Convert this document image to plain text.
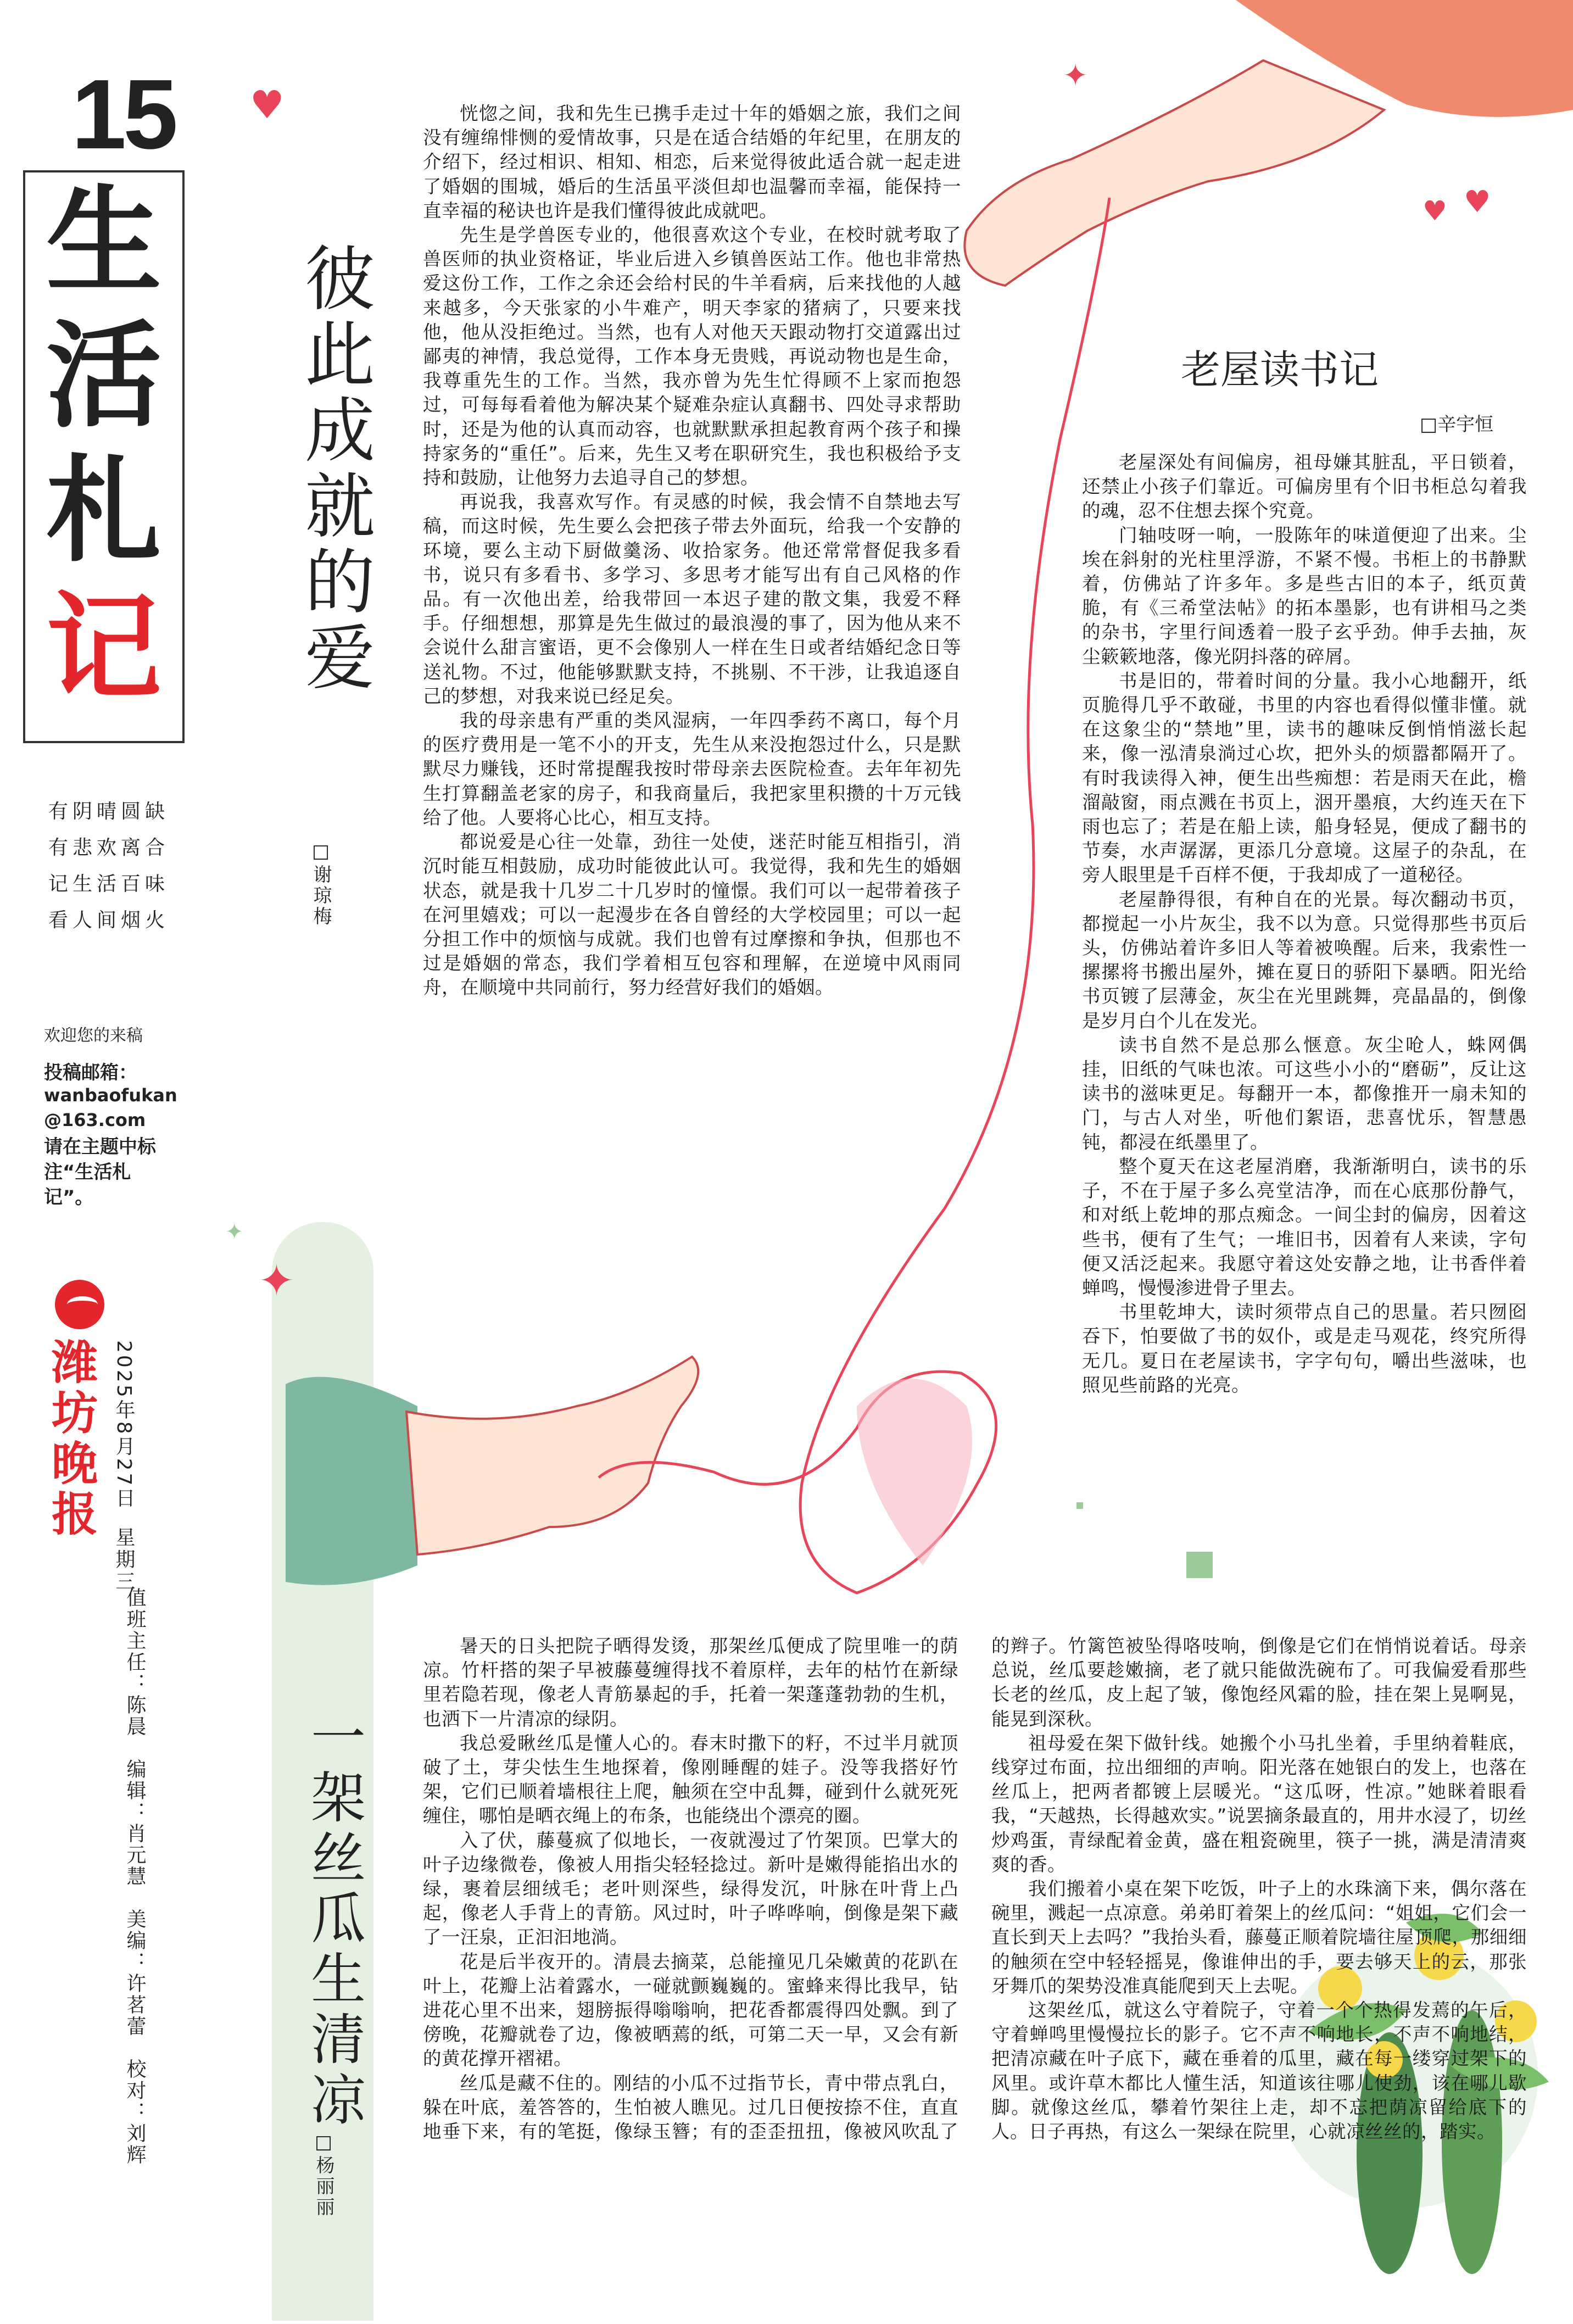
♥
♥
♥
✦
✦
✦
15
生
活
札
记
有阴晴圆缺
有悲欢离合
记生活百味
看人间烟火
欢迎您的来稿
投稿邮箱：
wanbaofukan
@163.com
请在主题中标注“生活札记”。
潍坊晚报
2025年8月27日
星期三
值班主任：陈晨　编辑：肖元慧　美编：许茗蕾　校对：刘辉
彼此成就的爱
□ 谢琼梅

恍惚之间，我和先生已携手走过十年的婚姻之旅，我们之间没有缠绵悱恻的爱情故事，只是在适合结婚的年纪里，在朋友的介绍下，经过相识、相知、相恋，后来觉得彼此适合就一起走进了婚姻的围城，婚后的生活虽平淡但却也温馨而幸福，能保持一直幸福的秘诀也许是我们懂得彼此成就吧。

先生是学兽医专业的，他很喜欢这个专业，在校时就考取了兽医师的执业资格证，毕业后进入乡镇兽医站工作。他也非常热爱这份工作，工作之余还会给村民的牛羊看病，后来找他的人越来越多，今天张家的小牛难产，明天李家的猪病了，只要来找他，他从没拒绝过。当然，也有人对他天天跟动物打交道露出过鄙夷的神情，我总觉得，工作本身无贵贱，再说动物也是生命，我尊重先生的工作。当然，我亦曾为先生忙得顾不上家而抱怨过，可每每看着他为解决某个疑难杂症认真翻书、四处寻求帮助时，还是为他的认真而动容，也就默默承担起教育两个孩子和操持家务的“重任”。后来，先生又考在职研究生，我也积极给予支持和鼓励，让他努力去追寻自己的梦想。

再说我，我喜欢写作。有灵感的时候，我会情不自禁地去写稿，而这时候，先生要么会把孩子带去外面玩，给我一个安静的环境，要么主动下厨做羹汤、收拾家务。他还常常督促我多看书，说只有多看书、多学习、多思考才能写出有自己风格的作品。有一次他出差，给我带回一本迟子建的散文集，我爱不释手。仔细想想，那算是先生做过的最浪漫的事了，因为他从来不会说什么甜言蜜语，更不会像别人一样在生日或者结婚纪念日等送礼物。不过，他能够默默支持，不挑剔、不干涉，让我追逐自己的梦想，对我来说已经足矣。

我的母亲患有严重的类风湿病，一年四季药不离口，每个月的医疗费用是一笔不小的开支，先生从来没抱怨过什么，只是默默尽力赚钱，还时常提醒我按时带母亲去医院检查。去年年初先生打算翻盖老家的房子，和我商量后，我把家里积攒的十万元钱给了他。人要将心比心，相互支持。

都说爱是心往一处靠，劲往一处使，迷茫时能互相指引，消沉时能互相鼓励，成功时能彼此认可。我觉得，我和先生的婚姻状态，就是我十几岁二十几岁时的憧憬。我们可以一起带着孩子在河里嬉戏；可以一起漫步在各自曾经的大学校园里；可以一起分担工作中的烦恼与成就。我们也曾有过摩擦和争执，但那也不过是婚姻的常态，我们学着相互包容和理解，在逆境中风雨同舟，在顺境中共同前行，努力经营好我们的婚姻。

老屋读书记
□ 辛宇恒

老屋深处有间偏房，祖母嫌其脏乱，平日锁着，还禁止小孩子们靠近。可偏房里有个旧书柜总勾着我的魂，忍不住想去探个究竟。

门轴吱呀一响，一股陈年的味道便迎了出来。尘埃在斜射的光柱里浮游，不紧不慢。书柜上的书静默着，仿佛站了许多年。多是些古旧的本子，纸页黄脆，有《三希堂法帖》的拓本墨影，也有讲相马之类的杂书，字里行间透着一股子玄乎劲。伸手去抽，灰尘簌簌地落，像光阴抖落的碎屑。

书是旧的，带着时间的分量。我小心地翻开，纸页脆得几乎不敢碰，书里的内容也看得似懂非懂。就在这象尘的“禁地”里，读书的趣味反倒悄悄滋长起来，像一泓清泉淌过心坎，把外头的烦嚣都隔开了。有时我读得入神，便生出些痴想：若是雨天在此，檐溜敲窗，雨点溅在书页上，洇开墨痕，大约连天在下雨也忘了；若是在船上读，船身轻晃，便成了翻书的节奏，水声潺潺，更添几分意境。这屋子的杂乱，在旁人眼里是千百样不便，于我却成了一道秘径。

老屋静得很，有种自在的光景。每次翻动书页，都搅起一小片灰尘，我不以为意。只觉得那些书页后头，仿佛站着许多旧人等着被唤醒。后来，我索性一摞摞将书搬出屋外，摊在夏日的骄阳下暴晒。阳光给书页镀了层薄金，灰尘在光里跳舞，亮晶晶的，倒像是岁月白个儿在发光。

读书自然不是总那么惬意。灰尘呛人，蛛网偶挂，旧纸的气味也浓。可这些小小的“磨砺”，反让这读书的滋味更足。每翻开一本，都像推开一扇未知的门，与古人对坐，听他们絮语，悲喜忧乐，智慧愚钝，都浸在纸墨里了。

整个夏天在这老屋消磨，我渐渐明白，读书的乐子，不在于屋子多么亮堂洁净，而在心底那份静气，和对纸上乾坤的那点痴念。一间尘封的偏房，因着这些书，便有了生气；一堆旧书，因着有人来读，字句便又活泛起来。我愿守着这处安静之地，让书香伴着蝉鸣，慢慢渗进骨子里去。

书里乾坤大，读时须带点自己的思量。若只囫囵吞下，怕要做了书的奴仆，或是走马观花，终究所得无几。夏日在老屋读书，字字句句，嚼出些滋味，也照见些前路的光亮。

一架丝瓜生清凉
□ 杨丽丽

暑天的日头把院子晒得发烫，那架丝瓜便成了院里唯一的荫凉。竹杆搭的架子早被藤蔓缠得找不着原样，去年的枯竹在新绿里若隐若现，像老人青筋暴起的手，托着一架蓬蓬勃勃的生机，也洒下一片清凉的绿阴。

我总爱瞅丝瓜是懂人心的。春末时撒下的籽，不过半月就顶破了土，芽尖怯生生地探着，像刚睡醒的娃子。没等我搭好竹架，它们已顺着墙根往上爬，触须在空中乱舞，碰到什么就死死缠住，哪怕是晒衣绳上的布条，也能绕出个漂亮的圈。

入了伏，藤蔓疯了似地长，一夜就漫过了竹架顶。巴掌大的叶子边缘微卷，像被人用指尖轻轻捻过。新叶是嫩得能掐出水的绿，裹着层细绒毛；老叶则深些，绿得发沉，叶脉在叶背上凸起，像老人手背上的青筋。风过时，叶子哗哗响，倒像是架下藏了一汪泉，正汩汩地淌。

花是后半夜开的。清晨去摘菜，总能撞见几朵嫩黄的花趴在叶上，花瓣上沾着露水，一碰就颤巍巍的。蜜蜂来得比我早，钻进花心里不出来，翅膀振得嗡嗡响，把花香都震得四处飘。到了傍晚，花瓣就卷了边，像被晒蔫的纸，可第二天一早，又会有新的黄花撑开褶裙。

丝瓜是藏不住的。刚结的小瓜不过指节长，青中带点乳白，躲在叶底，羞答答的，生怕被人瞧见。过几日便按捺不住，直直地垂下来，有的笔挺，像绿玉簪；有的歪歪扭扭，像被风吹乱了的辫子。竹篱笆被坠得咯吱响，倒像是它们在悄悄说着话。母亲总说，丝瓜要趁嫩摘，老了就只能做洗碗布了。可我偏爱看那些长老的丝瓜，皮上起了皱，像饱经风霜的脸，挂在架上晃啊晃，能晃到深秋。

祖母爱在架下做针线。她搬个小马扎坐着，手里纳着鞋底，线穿过布面，拉出细细的声响。阳光落在她银白的发上，也落在丝瓜上，把两者都镀上层暖光。“这瓜呀，性凉。”她眯着眼看我，“天越热，长得越欢实。”说罢摘条最直的，用井水浸了，切丝炒鸡蛋，青绿配着金黄，盛在粗瓷碗里，筷子一挑，满是清清爽爽的香。

我们搬着小桌在架下吃饭，叶子上的水珠滴下来，偶尔落在碗里，溅起一点凉意。弟弟盯着架上的丝瓜问：“姐姐，它们会一直长到天上去吗？”我抬头看，藤蔓正顺着院墙往屋顶爬，那细细的触须在空中轻轻摇晃，像谁伸出的手，要去够天上的云，那张牙舞爪的架势没准真能爬到天上去呢。

这架丝瓜，就这么守着院子，守着一个个热得发蔫的午后，守着蝉鸣里慢慢拉长的影子。它不声不响地长，不声不响地结，把清凉藏在叶子底下，藏在垂着的瓜里，藏在每一缕穿过架下的风里。或许草木都比人懂生活，知道该往哪儿使劲，该在哪儿歇脚。就像这丝瓜，攀着竹架往上走，却不忘把荫凉留给底下的人。日子再热，有这么一架绿在院里，心就凉丝丝的，踏实。
